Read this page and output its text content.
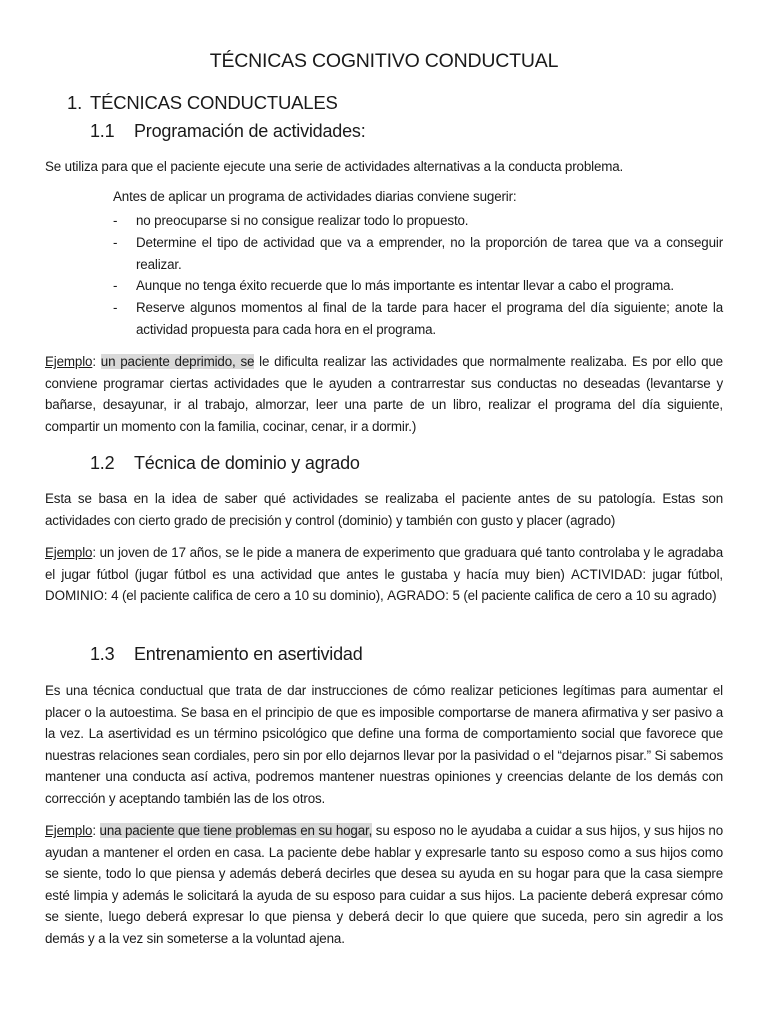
TÉCNICAS COGNITIVO CONDUCTUAL
1. TÉCNICAS CONDUCTUALES
1.1 Programación de actividades:
Se utiliza para que el paciente ejecute una serie de actividades alternativas a la conducta problema.
Antes de aplicar un programa de actividades diarias conviene sugerir:
- no preocuparse si no consigue realizar todo lo propuesto.
- Determine el tipo de actividad que va a emprender, no la proporción de tarea que va a conseguir realizar.
- Aunque no tenga éxito recuerde que lo más importante es intentar llevar a cabo el programa.
- Reserve algunos momentos al final de la tarde para hacer el programa del día siguiente; anote la actividad propuesta para cada hora en el programa.
Ejemplo: un paciente deprimido, se le dificulta realizar las actividades que normalmente realizaba. Es por ello que conviene programar ciertas actividades que le ayuden a contrarrestar sus conductas no deseadas (levantarse y bañarse, desayunar, ir al trabajo, almorzar, leer una parte de un libro, realizar el programa del día siguiente, compartir un momento con la familia, cocinar, cenar, ir a dormir.)
1.2 Técnica de dominio y agrado
Esta se basa en la idea de saber qué actividades se realizaba el paciente antes de su patología. Estas son actividades con cierto grado de precisión y control (dominio) y también con gusto y placer (agrado)
Ejemplo: un joven de 17 años, se le pide a manera de experimento que graduara qué tanto controlaba y le agradaba el jugar fútbol (jugar fútbol es una actividad que antes le gustaba y hacía muy bien) ACTIVIDAD: jugar fútbol, DOMINIO: 4 (el paciente califica de cero a 10 su dominio), AGRADO: 5 (el paciente califica de cero a 10 su agrado)
1.3 Entrenamiento en asertividad
Es una técnica conductual que trata de dar instrucciones de cómo realizar peticiones legítimas para aumentar el placer o la autoestima. Se basa en el principio de que es imposible comportarse de manera afirmativa y ser pasivo a la vez. La asertividad es un término psicológico que define una forma de comportamiento social que favorece que nuestras relaciones sean cordiales, pero sin por ello dejarnos llevar por la pasividad o el “dejarnos pisar.” Si sabemos mantener una conducta así activa, podremos mantener nuestras opiniones y creencias delante de los demás con corrección y aceptando también las de los otros.
Ejemplo: una paciente que tiene problemas en su hogar, su esposo no le ayudaba a cuidar a sus hijos, y sus hijos no ayudan a mantener el orden en casa. La paciente debe hablar y expresarle tanto su esposo como a sus hijos como se siente, todo lo que piensa y además deberá decirles que desea su ayuda en su hogar para que la casa siempre esté limpia y además le solicitará la ayuda de su esposo para cuidar a sus hijos. La paciente deberá expresar cómo se siente, luego deberá expresar lo que piensa y deberá decir lo que quiere que suceda, pero sin agredir a los demás y a la vez sin someterse a la voluntad ajena.
